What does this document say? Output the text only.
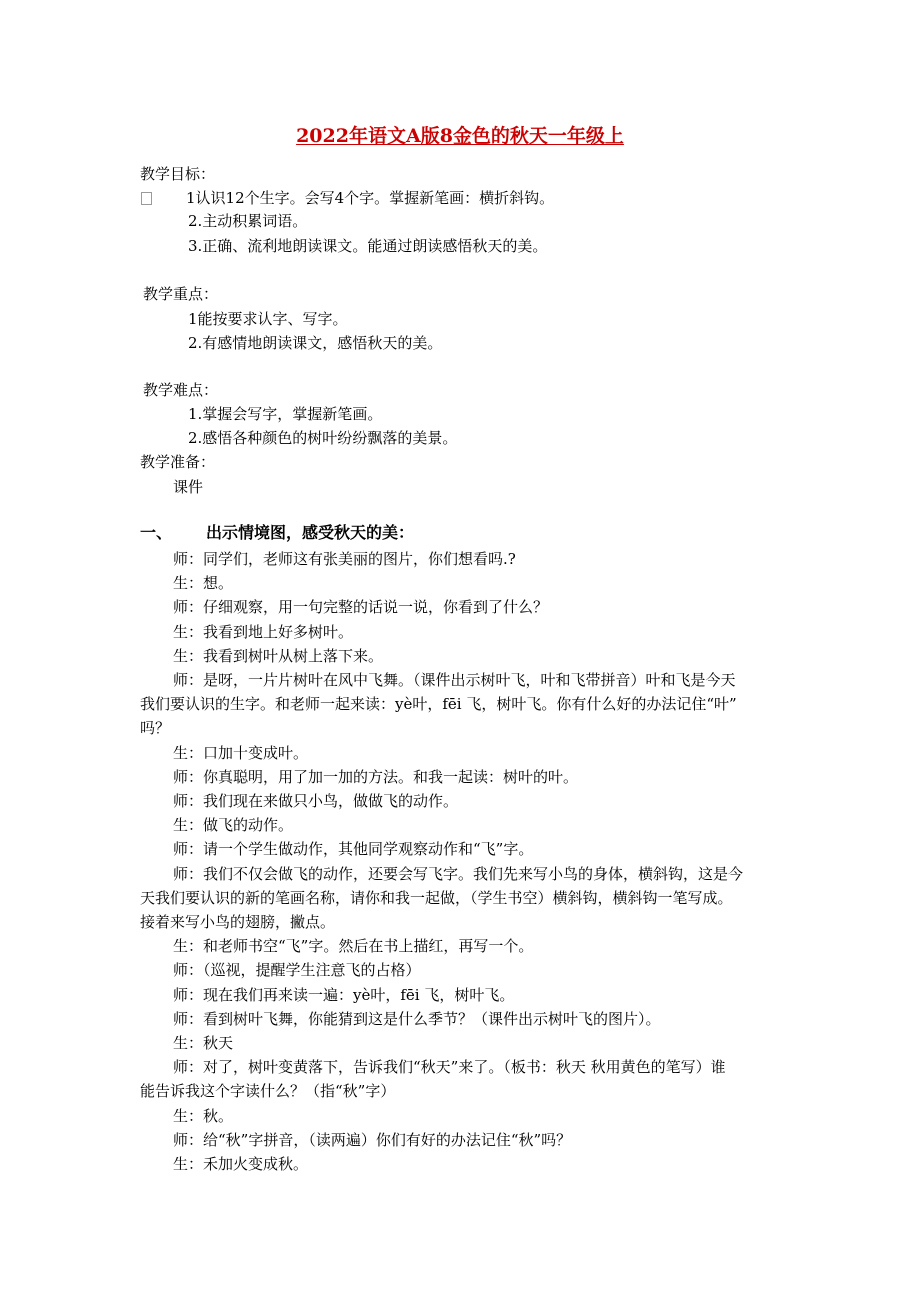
2022年语文A版8金色的秋天一年级上
教学目标：
1认识12个生字。会写4个字。掌握新笔画：横折斜钩。
2.主动积累词语。
3.正确、流利地朗读课文。能通过朗读感悟秋天的美。
教学重点：
1能按要求认字、写字。
2.有感情地朗读课文，感悟秋天的美。
教学难点：
1.掌握会写字，掌握新笔画。
2.感悟各种颜色的树叶纷纷飘落的美景。
教学准备：
课件
一、 出示情境图，感受秋天的美：
师：同学们，老师这有张美丽的图片，你们想看吗.?
生：想。
师：仔细观察，用一句完整的话说一说，你看到了什么？
生：我看到地上好多树叶。
生：我看到树叶从树上落下来。
师：是呀，一片片树叶在风中飞舞。（课件出示树叶飞，叶和飞带拼音）叶和飞是今天
我们要认识的生字。和老师一起来读：yè叶，fēi 飞，树叶飞。你有什么好的办法记住“叶”
吗？
生：口加十变成叶。
师：你真聪明，用了加一加的方法。和我一起读：树叶的叶。
师：我们现在来做只小鸟，做做飞的动作。
生：做飞的动作。
师：请一个学生做动作，其他同学观察动作和“飞”字。
师：我们不仅会做飞的动作，还要会写飞字。我们先来写小鸟的身体，横斜钩，这是今
天我们要认识的新的笔画名称，请你和我一起做，（学生书空）横斜钩，横斜钩一笔写成。
接着来写小鸟的翅膀，撇点。
生：和老师书空“飞”字。然后在书上描红，再写一个。
师：（巡视，提醒学生注意飞的占格）
师：现在我们再来读一遍：yè叶，fēi 飞，树叶飞。
师：看到树叶飞舞，你能猜到这是什么季节？（课件出示树叶飞的图片）。
生：秋天
师：对了，树叶变黄落下，告诉我们“秋天”来了。（板书：秋天 秋用黄色的笔写）谁
能告诉我这个字读什么？（指“秋”字）
生：秋。
师：给“秋”字拼音，（读两遍）你们有好的办法记住“秋”吗？
生：禾加火变成秋。
